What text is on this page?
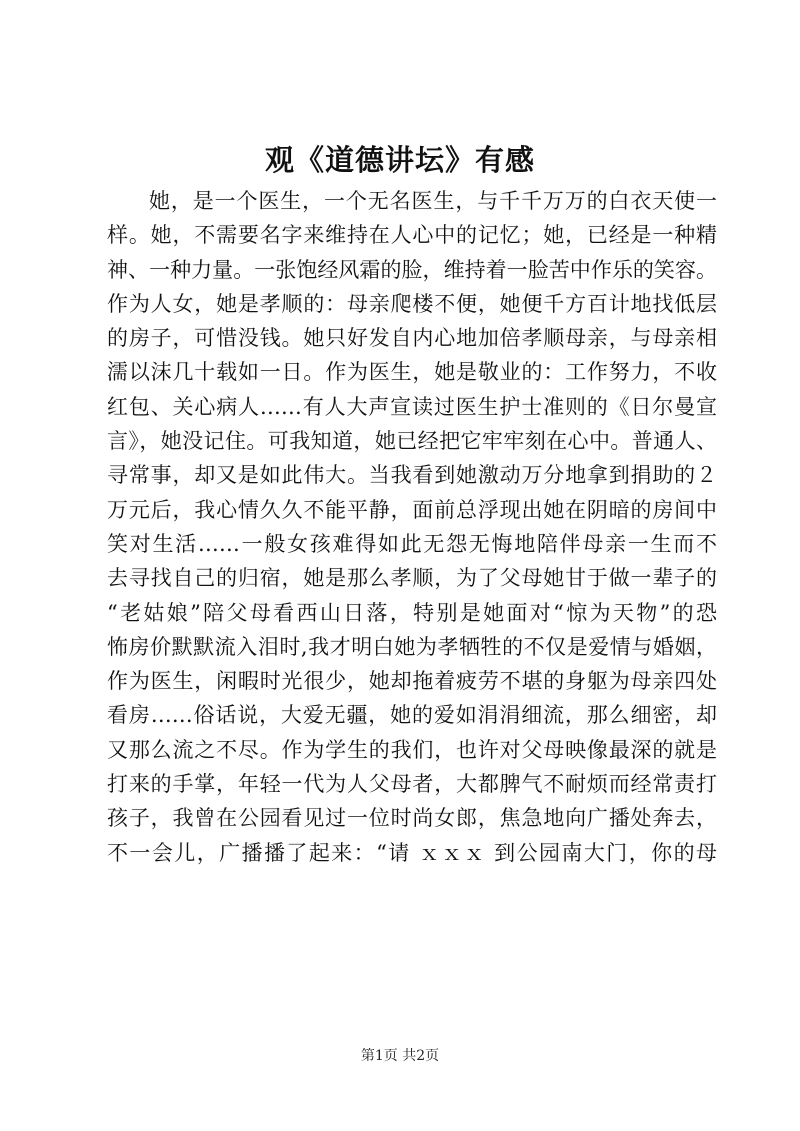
观《道德讲坛》有感
她，是一个医生，一个无名医生，与千千万万的白衣天使一
样。她，不需要名字来维持在人心中的记忆；她，已经是一种精
神、一种力量。一张饱经风霜的脸，维持着一脸苦中作乐的笑容。
作为人女，她是孝顺的：母亲爬楼不便，她便千方百计地找低层
的房子，可惜没钱。她只好发自内心地加倍孝顺母亲，与母亲相
濡以沫几十载如一日。作为医生，她是敬业的：工作努力，不收
红包、关心病人……有人大声宣读过医生护士准则的《日尔曼宣
言》，她没记住。可我知道，她已经把它牢牢刻在心中。普通人、
寻常事，却又是如此伟大。当我看到她激动万分地拿到捐助的２
万元后，我心情久久不能平静，面前总浮现出她在阴暗的房间中
笑对生活……一般女孩难得如此无怨无悔地陪伴母亲一生而不
去寻找自己的归宿，她是那么孝顺，为了父母她甘于做一辈子的
“老姑娘”陪父母看西山日落，特别是她面对“惊为天物”的恐
怖房价默默流入泪时,我才明白她为孝牺牲的不仅是爱情与婚姻，
作为医生，闲暇时光很少，她却拖着疲劳不堪的身躯为母亲四处
看房……俗话说，大爱无疆，她的爱如涓涓细流，那么细密，却
又那么流之不尽。作为学生的我们，也许对父母映像最深的就是
打来的手掌，年轻一代为人父母者，大都脾气不耐烦而经常责打
孩子，我曾在公园看见过一位时尚女郎，焦急地向广播处奔去，
不一会儿，广播播了起来：“请 ｘｘｘ 到公园南大门，你的母
第1页 共2页
